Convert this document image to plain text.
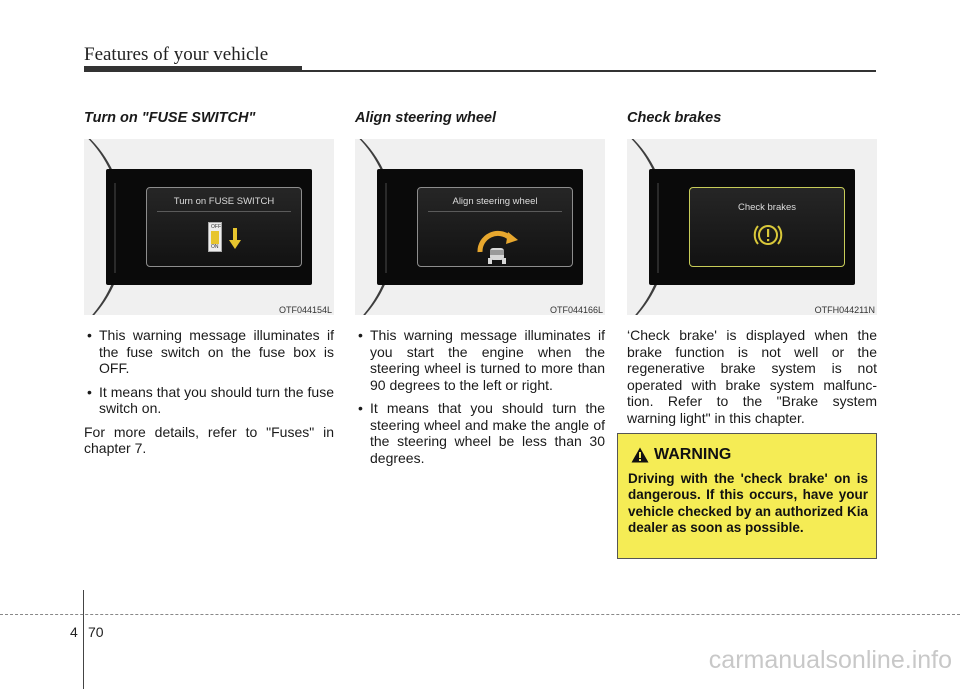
Features of your vehicle
Turn on "FUSE SWITCH"
Turn on FUSE SWITCH
OFF
ON
OTF044154L
• This warning message illuminates if the fuse switch on the fuse box is OFF.
• It means that you should turn the fuse switch on.

For more details, refer to "Fuses" in chapter 7.

Align steering wheel
Align steering wheel
OTF044166L
• This warning message illuminates if you start the engine when the steering wheel is turned to more than 90 degrees to the left or right.
• It means that you should turn the steering wheel and make the angle of the steering wheel be less than 30 degrees.
Check brakes
Check brakes
OTFH044211N

‘Check brake' is displayed when the brake function is not well or the regenerative brake system is not operated with brake system malfunc-tion. Refer to the "Brake system warning light" in this chapter.

WARNING
Driving with the 'check brake' on is dangerous. If this occurs, have your vehicle checked by an authorized Kia dealer as soon as possible.
4 70
carmanualsonline.info
